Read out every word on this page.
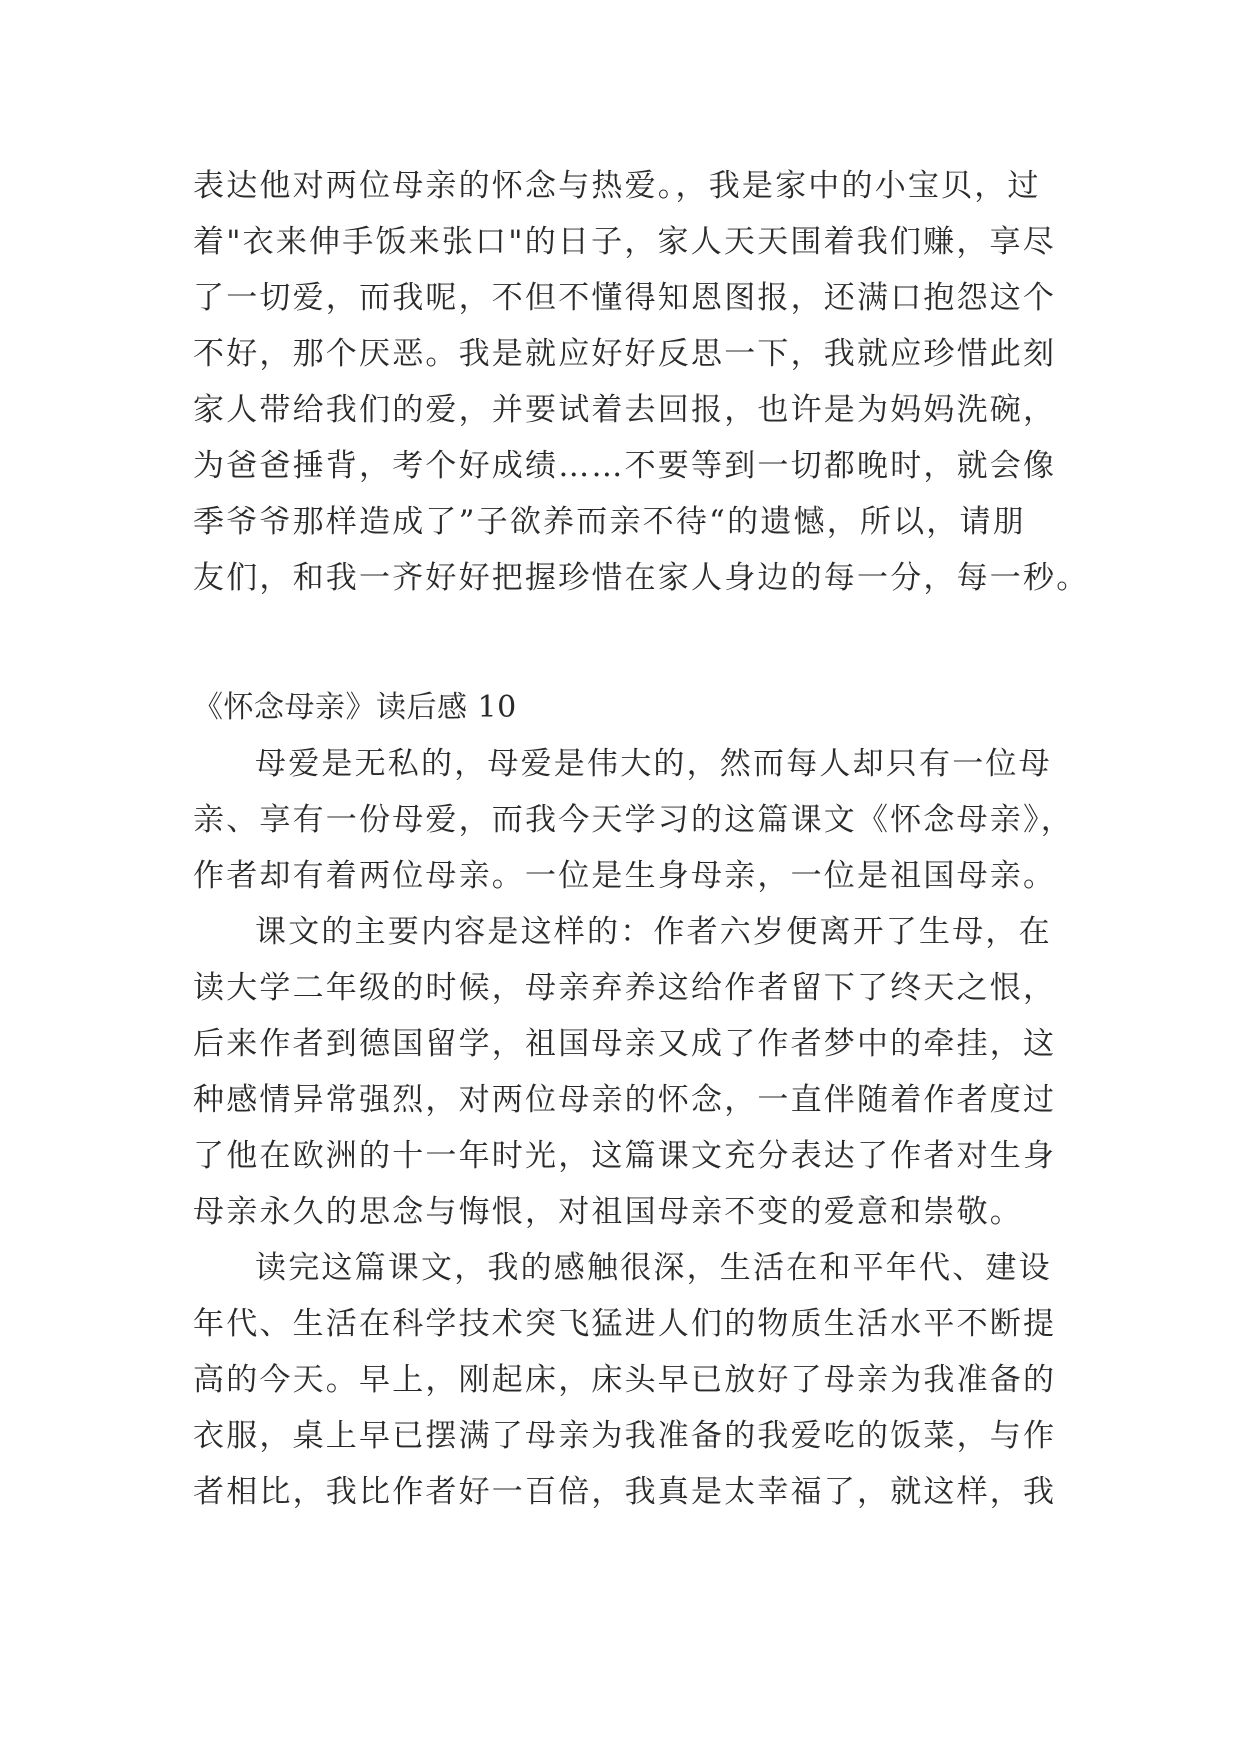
表达他对两位母亲的怀念与热爱。，我是家中的小宝贝，过
着"衣来伸手饭来张口"的日子，家人天天围着我们赚，享尽
了一切爱，而我呢，不但不懂得知恩图报，还满口抱怨这个
不好，那个厌恶。我是就应好好反思一下，我就应珍惜此刻
家人带给我们的爱，并要试着去回报，也许是为妈妈洗碗，
为爸爸捶背，考个好成绩……不要等到一切都晚时，就会像
季爷爷那样造成了”子欲养而亲不待“的遗憾，所以，请朋
友们，和我一齐好好把握珍惜在家人身边的每一分，每一秒。
《怀念母亲》读后感 10
母爱是无私的，母爱是伟大的，然而每人却只有一位母
亲、享有一份母爱，而我今天学习的这篇课文《怀念母亲》，
作者却有着两位母亲。一位是生身母亲，一位是祖国母亲。
课文的主要内容是这样的：作者六岁便离开了生母，在
读大学二年级的时候，母亲弃养这给作者留下了终天之恨，
后来作者到德国留学，祖国母亲又成了作者梦中的牵挂，这
种感情异常强烈，对两位母亲的怀念，一直伴随着作者度过
了他在欧洲的十一年时光，这篇课文充分表达了作者对生身
母亲永久的思念与悔恨，对祖国母亲不变的爱意和崇敬。
读完这篇课文，我的感触很深，生活在和平年代、建设
年代、生活在科学技术突飞猛进人们的物质生活水平不断提
高的今天。早上，刚起床，床头早已放好了母亲为我准备的
衣服，桌上早已摆满了母亲为我准备的我爱吃的饭菜，与作
者相比，我比作者好一百倍，我真是太幸福了，就这样，我
